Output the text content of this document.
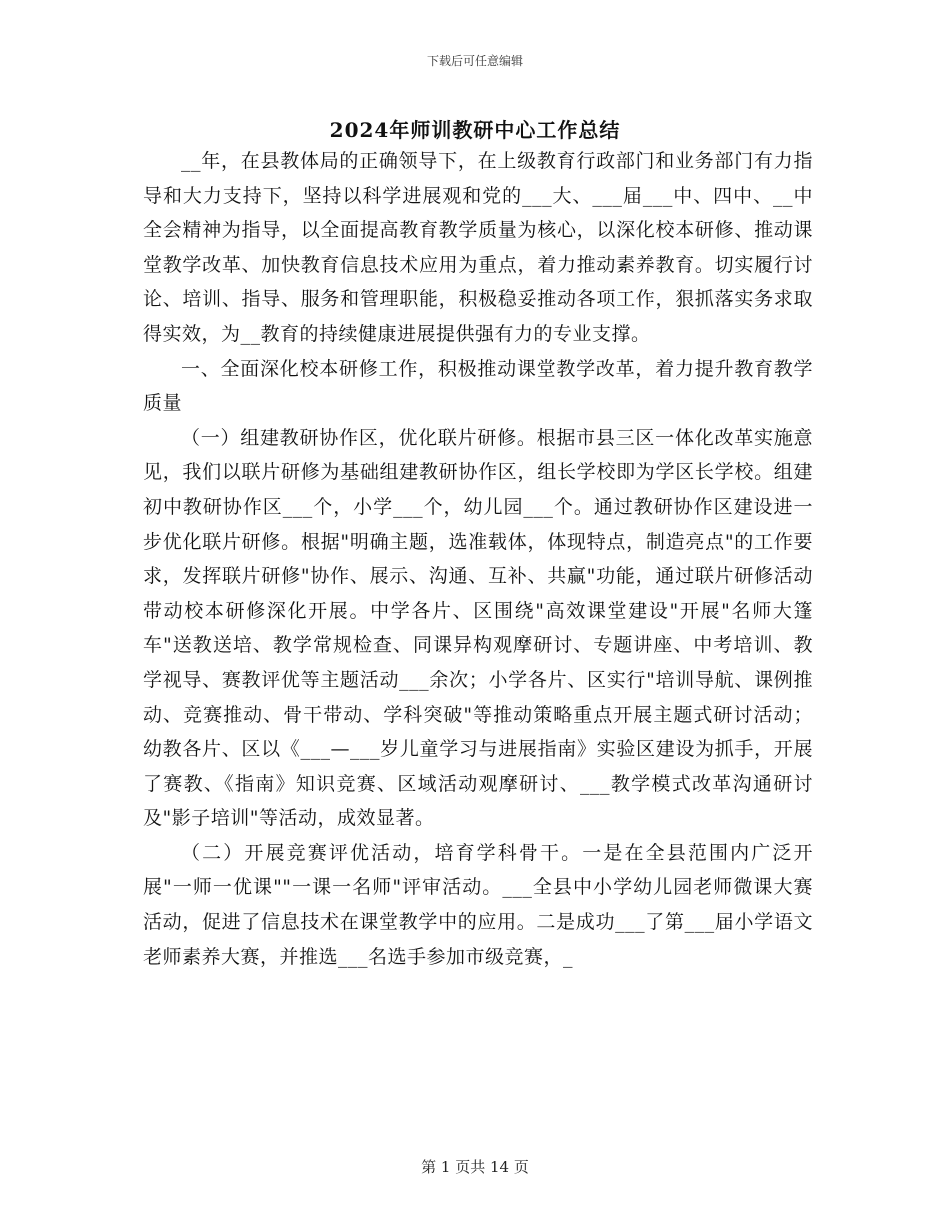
下载后可任意编辑
2024年师训教研中心工作总结

__年，在县教体局的正确领导下，在上级教育行政部门和业务部门有力指导和大力支持下，坚持以科学进展观和党的___大、___届___中、四中、__中全会精神为指导，以全面提高教育教学质量为核心，以深化校本研修、推动课堂教学改革、加快教育信息技术应用为重点，着力推动素养教育。切实履行讨论、培训、指导、服务和管理职能，积极稳妥推动各项工作，狠抓落实务求取得实效，为__教育的持续健康进展提供强有力的专业支撑。

一、全面深化校本研修工作，积极推动课堂教学改革，着力提升教育教学质量

（一）组建教研协作区，优化联片研修。根据市县三区一体化改革实施意见，我们以联片研修为基础组建教研协作区，组长学校即为学区长学校。组建初中教研协作区___个，小学___个，幼儿园___个。通过教研协作区建设进一步优化联片研修。根据"明确主题，选准载体，体现特点，制造亮点"的工作要求，发挥联片研修"协作、展示、沟通、互补、共赢"功能，通过联片研修活动带动校本研修深化开展。中学各片、区围绕"高效课堂建设"开展"名师大篷车"送教送培、教学常规检查、同课异构观摩研讨、专题讲座、中考培训、教学视导、赛教评优等主题活动___余次；小学各片、区实行"培训导航、课例推动、竞赛推动、骨干带动、学科突破"等推动策略重点开展主题式研讨活动；幼教各片、区以《___—___岁儿童学习与进展指南》实验区建设为抓手，开展了赛教、《指南》知识竞赛、区域活动观摩研讨、___教学模式改革沟通研讨及"影子培训"等活动，成效显著。

（二）开展竞赛评优活动，培育学科骨干。一是在全县范围内广泛开展"一师一优课""一课一名师"评审活动。___全县中小学幼儿园老师微课大赛活动，促进了信息技术在课堂教学中的应用。二是成功___了第___届小学语文老师素养大赛，并推选___名选手参加市级竞赛，_

第 1 页共 14 页
